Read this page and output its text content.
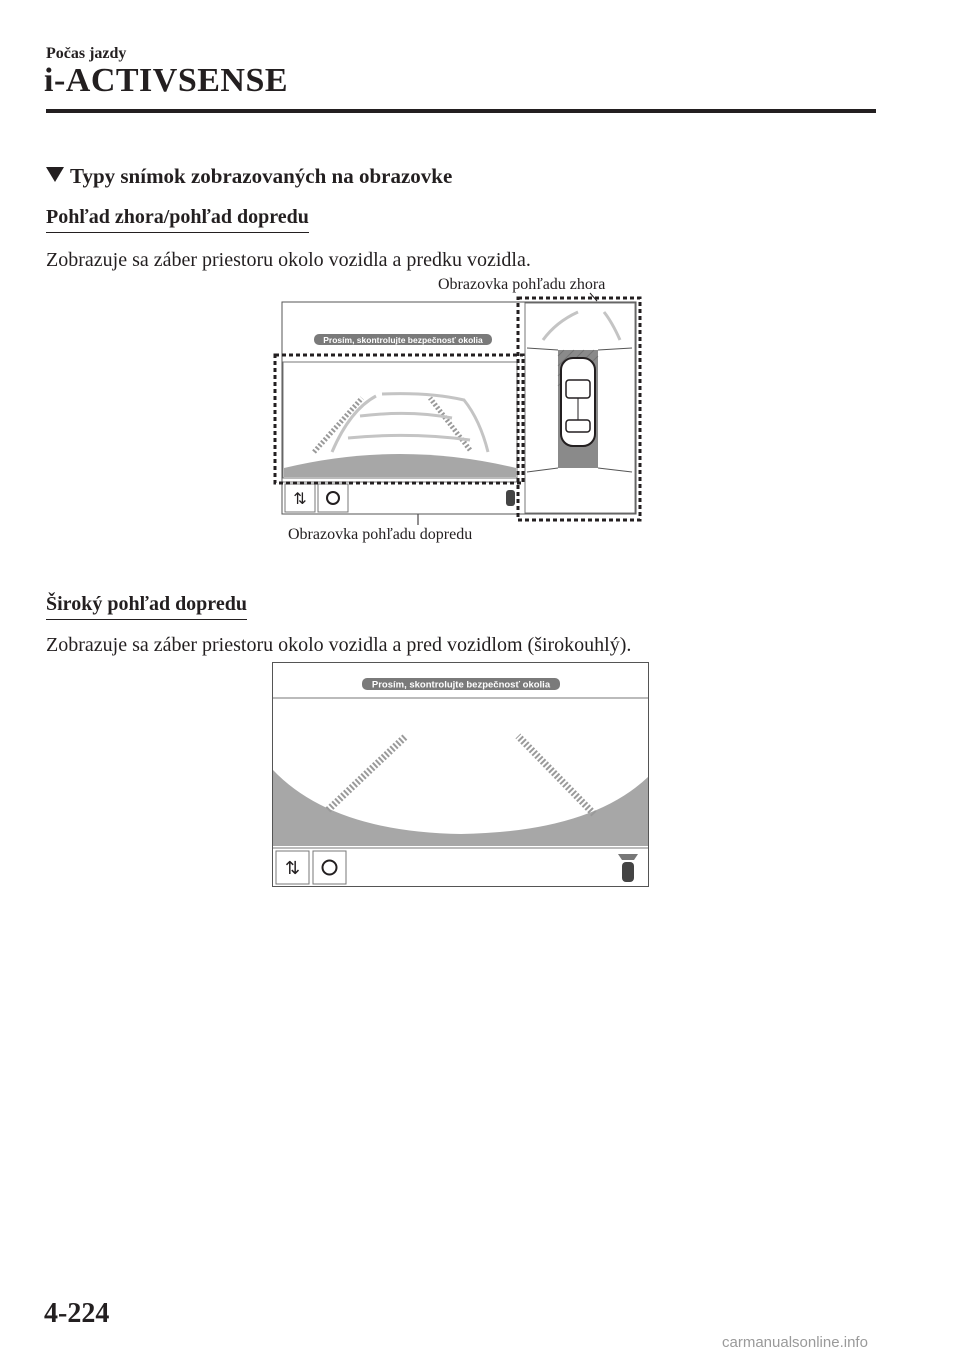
Počas jazdy
i-ACTIVSENSE
Typy snímok zobrazovaných na obrazovke
Pohľad zhora/pohľad dopredu
Zobrazuje sa záber priestoru okolo vozidla a predku vozidla.
Obrazovka pohľadu zhora
Obrazovka pohľadu dopredu
Prosím, skontrolujte bezpečnosť okolia
⇅
Široký pohľad dopredu
Zobrazuje sa záber priestoru okolo vozidla a pred vozidlom (širokouhlý).
Prosím, skontrolujte bezpečnosť okolia
⇅
4-224
carmanualsonline.info
